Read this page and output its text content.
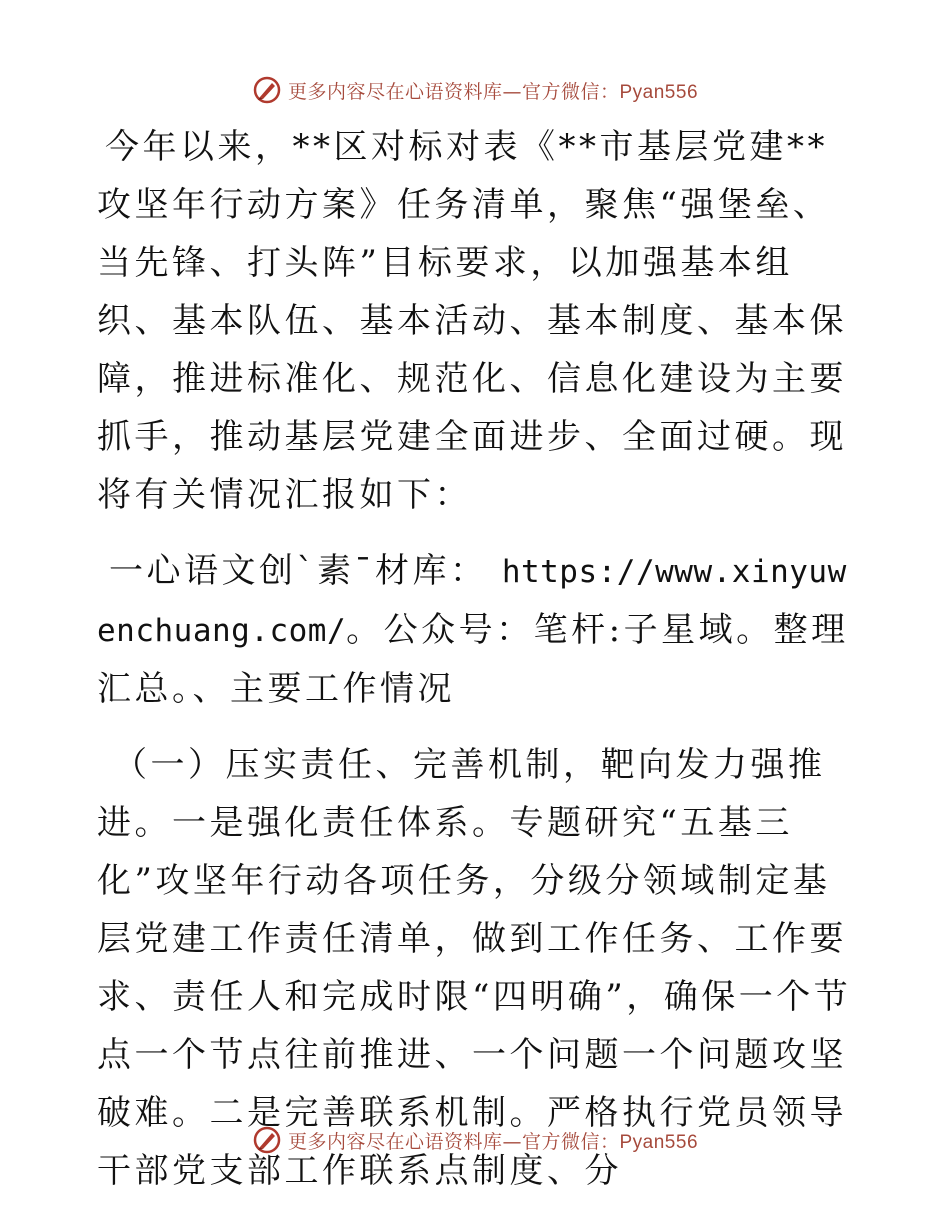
更多内容尽在心语资料库—官方微信：Pyan556

今年以来，**区对标对表《**市基层党建**攻坚年行动方案》任务清单，聚焦“强堡垒、当先锋、打头阵”目标要求，以加强基本组织、基本队伍、基本活动、基本制度、基本保障，推进标准化、规范化、信息化建设为主要抓手，推动基层党建全面进步、全面过硬。现将有关情况汇报如下：

一心语文创`素¯材库： https://www.xinyuwenchuang.com/。公众号：笔杆:子星域。整理汇总。、主要工作情况

（一）压实责任、完善机制，靶向发力强推进。一是强化责任体系。专题研究“五基三化”攻坚年行动各项任务，分级分领域制定基层党建工作责任清单，做到工作任务、工作要求、责任人和完成时限“四明确”，确保一个节点一个节点往前推进、一个问题一个问题攻坚破难。二是完善联系机制。严格执行党员领导干部党支部工作联系点制度、分

更多内容尽在心语资料库—官方微信：Pyan556
